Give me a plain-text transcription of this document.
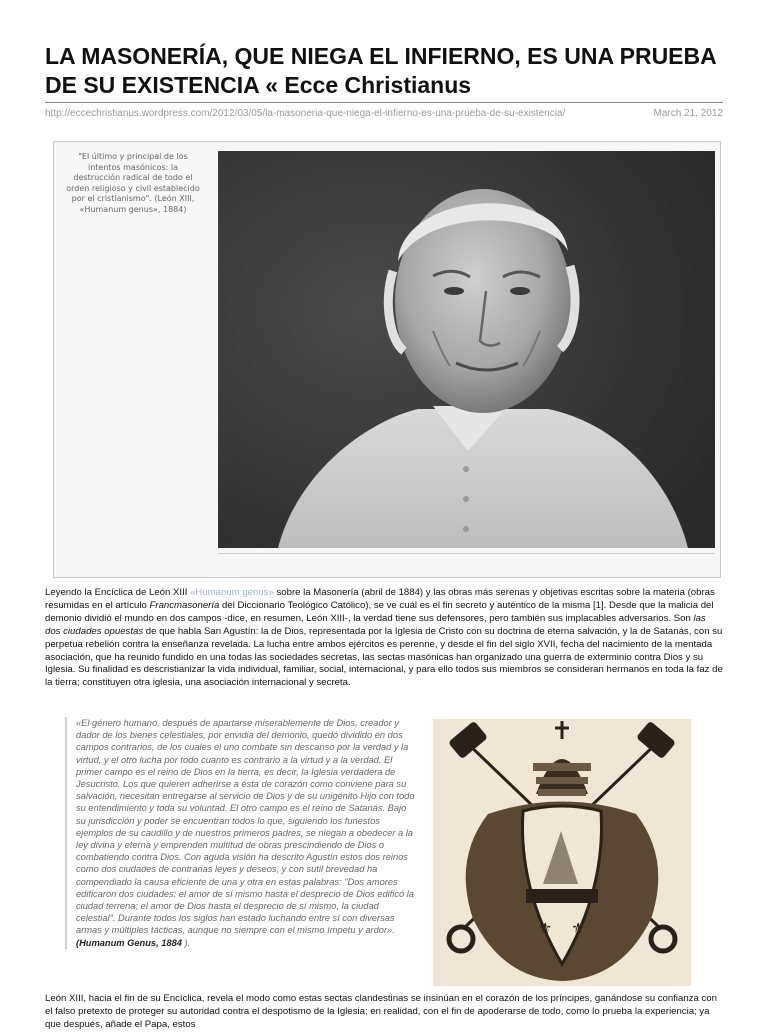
LA MASONERÍA, QUE NIEGA EL INFIERNO, ES UNA PRUEBA DE SU EXISTENCIA « Ecce Christianus
http://eccechristianus.wordpress.com/2012/03/05/la-masoneria-que-niega-el-infierno-es-una-prueba-de-su-existencia/	March 21, 2012
"El último y principal de los intentos masónicos: la destrucción radical de todo el orden religioso y civil establecido por el cristianismo". (León XIII, «Humanum genus», 1884)

Leyendo la Encíclica de León XIII «Humanum genus» sobre la Masonería (abril de 1884) y las obras más serenas y objetivas escritas sobre la materia (obras resumidas en el artículo Francmasonería del Diccionario Teológico Católico), se ve cuál es el fin secreto y auténtico de la misma [1]. Desde que la malicia del demonio dividió el mundo en dos campos -dice, en resumen, León XIII-, la verdad tiene sus defensores, pero también sus implacables adversarios. Son las dos ciudades opuestas de que habla San Agustín: la de Dios, representada por la Iglesia de Cristo con su doctrina de eterna salvación, y la de Satanás, con su perpetua rebelión contra la enseñanza revelada. La lucha entre ambos ejércitos es perenne, y desde el fin del siglo XVII, fecha del nacimiento de la mentada asociación, que ha reunido fundido en una todas las sociedades secretas, las sectas masónicas han organizado una guerra de exterminio contra Dios y su Iglesia. Su finalidad es descristianizar la vida individual, familiar, social, internacional, y para ello todos sus miembros se consideran hermanos en toda la faz de la tierra; constituyen otra iglesia, una asociación internacional y secreta.

«El género humano, después de apartarse miserablemente de Dios, creador y dador de los bienes celestiales, por envidia del demonio, quedó dividido en dos campos contrarios, de los cuales el uno combate sin descanso por la verdad y la virtud, y el otro lucha por todo cuanto es contrario a la virtud y a la verdad. El primer campo es el reino de Dios en la tierra, es decir, la Iglesia verdadera de Jesucristo. Los que quieren adherirse a ésta de corazón como conviene para su salvación, necesitan entregarse al servicio de Dios y de su unigénito Hijo con todo su entendimiento y toda su voluntad. El otro campo es el reino de Satanás. Bajo su jurisdicción y poder se encuentran todos lo que, siguiendo los funestos ejemplos de su caudillo y de nuestros primeros padres, se niegan a obedecer a la ley divina y eterna y emprenden multitud de obras prescindiendo de Dios o combatiendo contra Dios. Con aguda visión ha descrito Agustín estos dos reinos como dos ciudades de contrarias leyes y deseos, y con sutil brevedad ha compendiado la causa eficiente de una y otra en estas palabras: "Dos amores edificaron dos ciudades: el amor de sí mismo hasta el desprecio de Dios edificó la ciudad terrena; el amor de Dios hasta el desprecio de sí mismo, la ciudad celestial". Durante todos los siglos han estado luchando entre sí con diversas armas y múltiples tácticas, aunque no siempre con el mismo ímpetu y ardor». (Humanum Genus, 1884 ).
⚜ ⚜

León XIII, hacia el fin de su Encíclica, revela el modo como estas sectas clandestinas se insinúan en el corazón de los príncipes, ganándose su confianza con el falso pretexto de proteger su autoridad contra el despotismo de la Iglesia; en realidad, con el fin de apoderarse de todo, como lo prueba la experiencia; ya que después, añade el Papa, estos
